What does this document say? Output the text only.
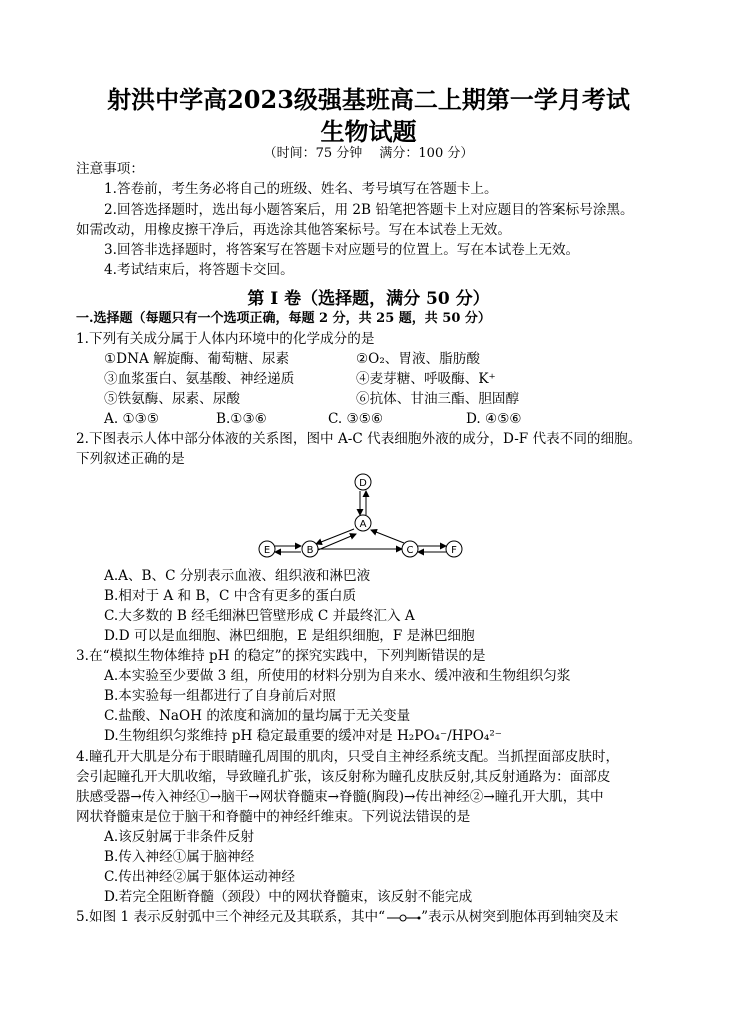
射洪中学高2023级强基班高二上期第一学月考试
生物试题
（时间：75 分钟　 满分：100 分）
注意事项：
1.答卷前，考生务必将自己的班级、姓名、考号填写在答题卡上。
2.回答选择题时，选出每小题答案后，用 2B 铅笔把答题卡上对应题目的答案标号涂黑。
如需改动，用橡皮擦干净后，再选涂其他答案标号。写在本试卷上无效。
3.回答非选择题时，将答案写在答题卡对应题号的位置上。写在本试卷上无效。
4.考试结束后，将答题卡交回。
第 I 卷（选择题，满分 50 分）
一.选择题（每题只有一个选项正确，每题 2 分，共 25 题，共 50 分）
1.下列有关成分属于人体内环境中的化学成分的是
①DNA 解旋酶、葡萄糖、尿素	②O₂、胃液、脂肪酸
③血浆蛋白、氨基酸、神经递质	④麦芽糖、呼吸酶、K⁺
⑤铁氨酶、尿素、尿酸	⑥抗体、甘油三酯、胆固醇
A. ①③⑤	B.①③⑥	C. ③⑤⑥	D. ④⑤⑥
2.下图表示人体中部分体液的关系图，图中 A-C 代表细胞外液的成分，D-F 代表不同的细胞。
下列叙述正确的是
D
A
E	B	C	F
A.A、B、C 分别表示血液、组织液和淋巴液
B.相对于 A 和 B，C 中含有更多的蛋白质
C.大多数的 B 经毛细淋巴管壁形成 C 并最终汇入 A
D.D 可以是血细胞、淋巴细胞，E 是组织细胞，F 是淋巴细胞
3.在“模拟生物体维持 pH 的稳定”的探究实践中，下列判断错误的是
A.本实验至少要做 3 组，所使用的材料分别为自来水、缓冲液和生物组织匀浆
B.本实验每一组都进行了自身前后对照
C.盐酸、NaOH 的浓度和滴加的量均属于无关变量
D.生物组织匀浆维持 pH 稳定最重要的缓冲对是 H₂PO₄⁻/HPO₄²⁻
4.瞳孔开大肌是分布于眼睛瞳孔周围的肌肉，只受自主神经系统支配。当抓捏面部皮肤时，
会引起瞳孔开大肌收缩，导致瞳孔扩张，该反射称为瞳孔皮肤反射,其反射通路为：面部皮
肤感受器→传入神经①→脑干→网状脊髓束→脊髓(胸段)→传出神经②→瞳孔开大肌，其中
网状脊髓束是位于脑干和脊髓中的神经纤维束。下列说法错误的是
A.该反射属于非条件反射
B.传入神经①属于脑神经
C.传出神经②属于躯体运动神经
D.若完全阻断脊髓（颈段）中的网状脊髓束，该反射不能完成
5.如图 1 表示反射弧中三个神经元及其联系，其中“	”表示从树突到胞体再到轴突及末
